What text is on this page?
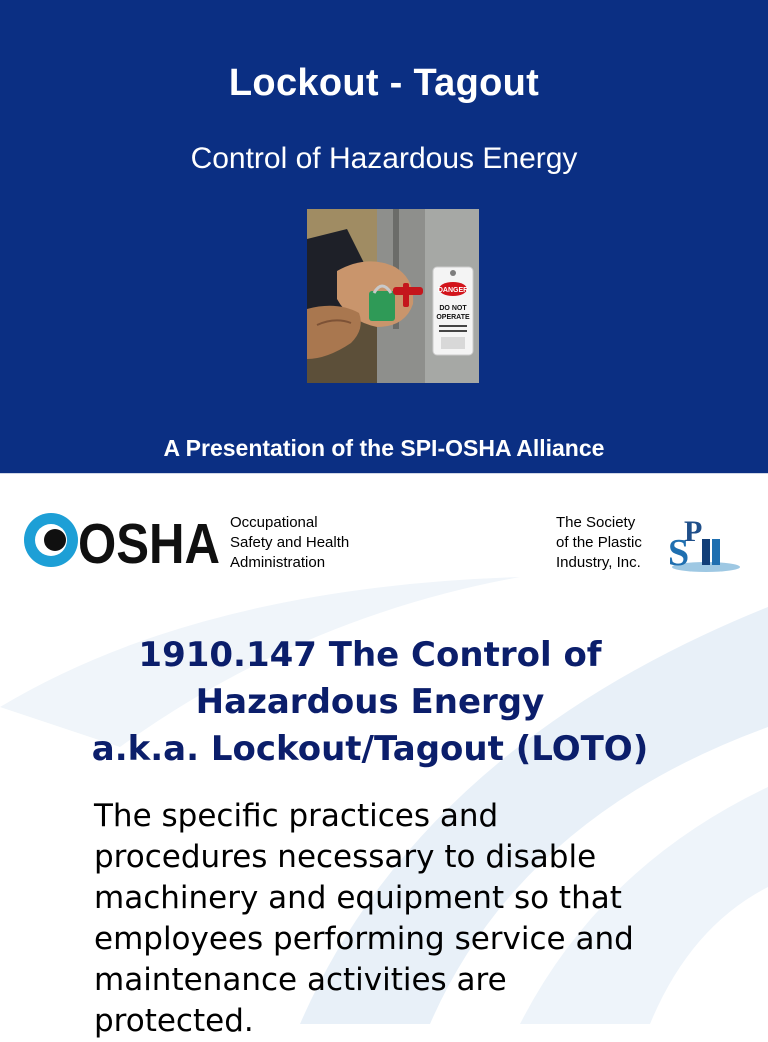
Lockout - Tagout
Control of Hazardous Energy
DANGER
DO NOT
OPERATE
A Presentation of the SPI-OSHA Alliance
OSHA Occupational
Safety and Health
Administration
The Society
of the Plastic
Industry, Inc.
P
S
1910.147 The Control of
Hazardous Energy
a.k.a. Lockout/Tagout (LOTO)
The specific practices and
procedures necessary to disable
machinery and equipment so that
employees performing service and
maintenance activities are
protected.
